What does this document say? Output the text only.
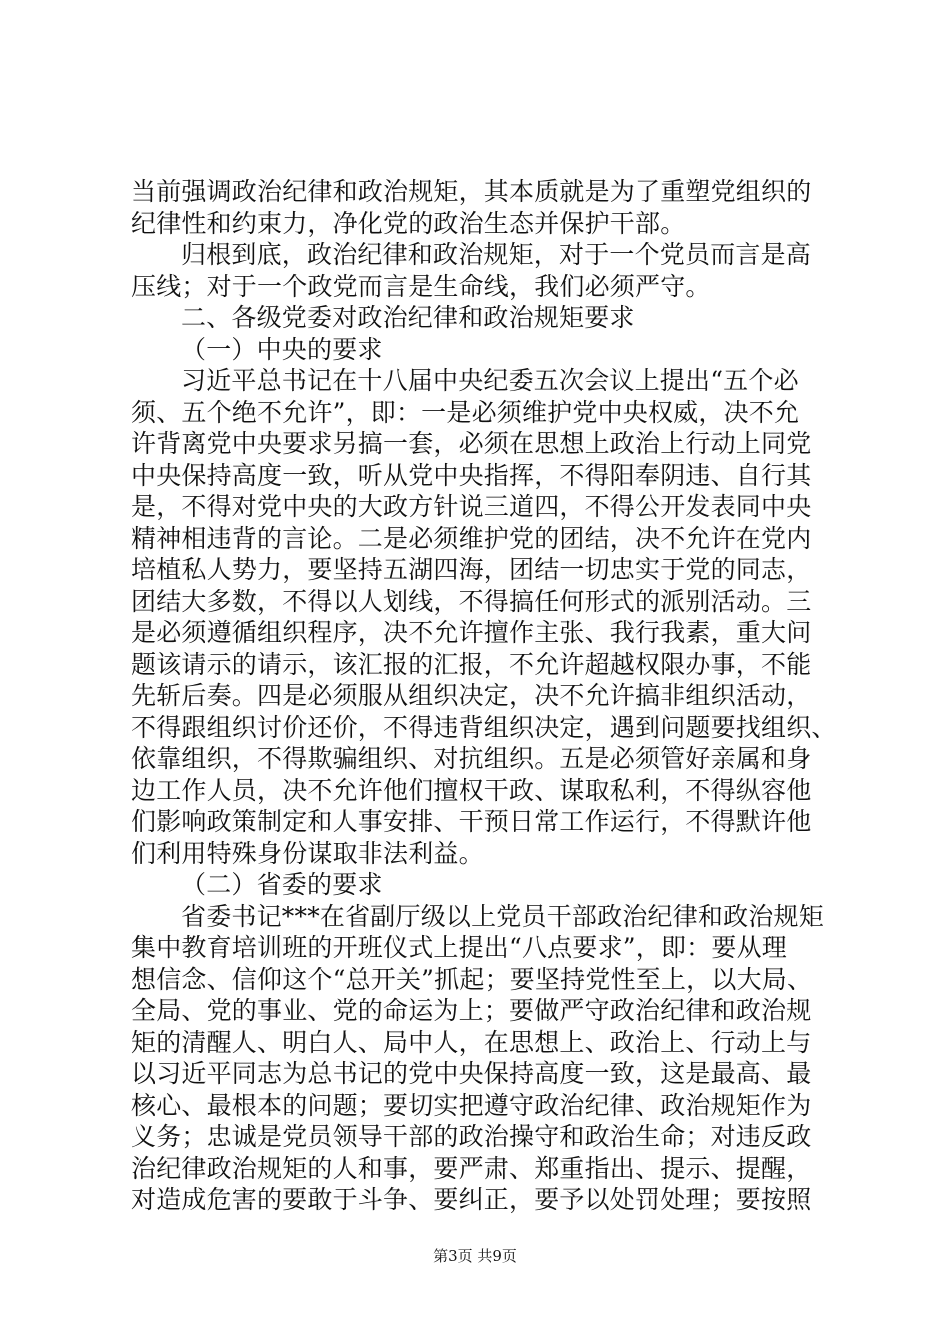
当前强调政治纪律和政治规矩，其本质就是为了重塑党组织的
纪律性和约束力，净化党的政治生态并保护干部。
归根到底，政治纪律和政治规矩，对于一个党员而言是高
压线；对于一个政党而言是生命线，我们必须严守。
二、各级党委对政治纪律和政治规矩要求
（一）中央的要求
习近平总书记在十八届中央纪委五次会议上提出“五个必
须、五个绝不允许”，即：一是必须维护党中央权威，决不允
许背离党中央要求另搞一套，必须在思想上政治上行动上同党
中央保持高度一致，听从党中央指挥，不得阳奉阴违、自行其
是，不得对党中央的大政方针说三道四，不得公开发表同中央
精神相违背的言论。二是必须维护党的团结，决不允许在党内
培植私人势力，要坚持五湖四海，团结一切忠实于党的同志，
团结大多数，不得以人划线，不得搞任何形式的派别活动。三
是必须遵循组织程序，决不允许擅作主张、我行我素，重大问
题该请示的请示，该汇报的汇报，不允许超越权限办事，不能
先斩后奏。四是必须服从组织决定，决不允许搞非组织活动，
不得跟组织讨价还价，不得违背组织决定，遇到问题要找组织、
依靠组织，不得欺骗组织、对抗组织。五是必须管好亲属和身
边工作人员，决不允许他们擅权干政、谋取私利，不得纵容他
们影响政策制定和人事安排、干预日常工作运行，不得默许他
们利用特殊身份谋取非法利益。
（二）省委的要求
省委书记***在省副厅级以上党员干部政治纪律和政治规矩
集中教育培训班的开班仪式上提出“八点要求”，即：要从理
想信念、信仰这个“总开关”抓起；要坚持党性至上，以大局、
全局、党的事业、党的命运为上；要做严守政治纪律和政治规
矩的清醒人、明白人、局中人，在思想上、政治上、行动上与
以习近平同志为总书记的党中央保持高度一致，这是最高、最
核心、最根本的问题；要切实把遵守政治纪律、政治规矩作为
义务；忠诚是党员领导干部的政治操守和政治生命；对违反政
治纪律政治规矩的人和事，要严肃、郑重指出、提示、提醒，
对造成危害的要敢于斗争、要纠正，要予以处罚处理；要按照
第3页 共9页
